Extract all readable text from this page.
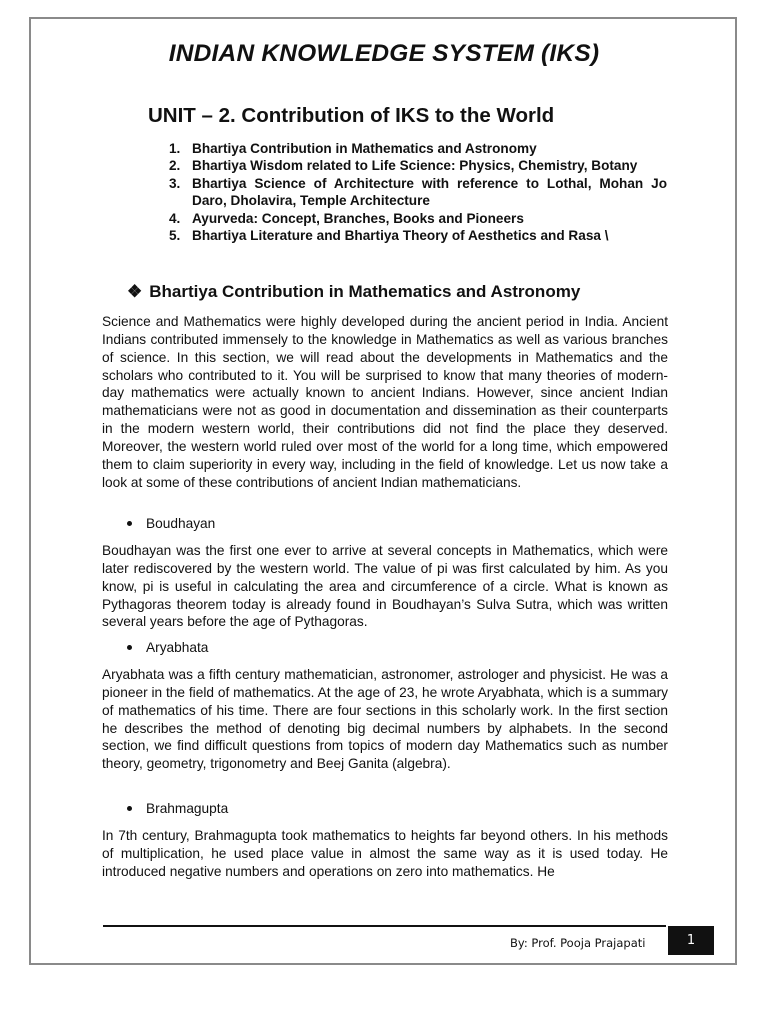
INDIAN KNOWLEDGE SYSTEM (IKS)
UNIT – 2. Contribution of IKS to the World
1. Bhartiya Contribution in Mathematics and Astronomy
2. Bhartiya Wisdom related to Life Science: Physics, Chemistry, Botany
3. Bhartiya Science of Architecture with reference to Lothal, Mohan Jo Daro, Dholavira, Temple Architecture
4. Ayurveda: Concept, Branches, Books and Pioneers
5. Bhartiya Literature and Bhartiya Theory of Aesthetics and Rasa \
❖ Bhartiya Contribution in Mathematics and Astronomy

Science and Mathematics were highly developed during the ancient period in India. Ancient Indians contributed immensely to the knowledge in Mathematics as well as various branches of science. In this section, we will read about the developments in Mathematics and the scholars who contributed to it. You will be surprised to know that many theories of modern-day mathematics were actually known to ancient Indians. However, since ancient Indian mathematicians were not as good in documentation and dissemination as their counterparts in the modern western world, their contributions did not find the place they deserved. Moreover, the western world ruled over most of the world for a long time, which empowered them to claim superiority in every way, including in the field of knowledge. Let us now take a look at some of these contributions of ancient Indian mathematicians.

Boudhayan

Boudhayan was the first one ever to arrive at several concepts in Mathematics, which were later rediscovered by the western world. The value of pi was first calculated by him. As you know, pi is useful in calculating the area and circumference of a circle. What is known as Pythagoras theorem today is already found in Boudhayan’s Sulva Sutra, which was written several years before the age of Pythagoras.

Aryabhata

Aryabhata was a fifth century mathematician, astronomer, astrologer and physicist. He was a pioneer in the field of mathematics. At the age of 23, he wrote Aryabhata, which is a summary of mathematics of his time. There are four sections in this scholarly work. In the first section he describes the method of denoting big decimal numbers by alphabets. In the second section, we find difficult questions from topics of modern day Mathematics such as number theory, geometry, trigonometry and Beej Ganita (algebra).

Brahmagupta

In 7th century, Brahmagupta took mathematics to heights far beyond others. In his methods of multiplication, he used place value in almost the same way as it is used today. He introduced negative numbers and operations on zero into mathematics. He

By: Prof. Pooja Prajapati	1
